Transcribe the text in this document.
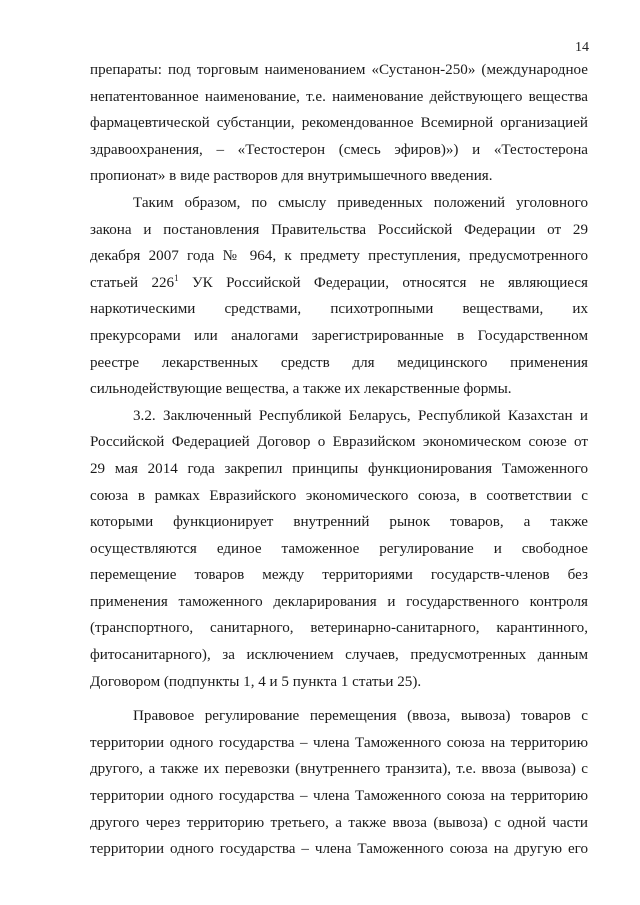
14
препараты: под торговым наименованием «Сустанон-250» (международное
непатентованное наименование, т.е. наименование действующего вещества
фармацевтической субстанции, рекомендованное Всемирной организацией
здравоохранения, – «Тестостерон (смесь эфиров)») и «Тестостерона
пропионат» в виде растворов для внутримышечного введения.
Таким образом, по смыслу приведенных положений уголовного
закона и постановления Правительства Российской Федерации от 29
декабря 2007 года № 964, к предмету преступления, предусмотренного
статьей $226^1$ УК Российской Федерации, относятся не являющиеся
наркотическими средствами, психотропными веществами, их
прекурсорами или аналогами зарегистрированные в Государственном
реестре лекарственных средств для медицинского применения
сильнодействующие вещества, а также их лекарственные формы.
3.2. Заключенный Республикой Беларусь, Республикой Казахстан и
Российской Федерацией Договор о Евразийском экономическом союзе от
29 мая 2014 года закрепил принципы функционирования Таможенного
союза в рамках Евразийского экономического союза, в соответствии с
которыми функционирует внутренний рынок товаров, а также
осуществляются единое таможенное регулирование и свободное
перемещение товаров между территориями государств-членов без
применения таможенного декларирования и государственного контроля
(транспортного, санитарного, ветеринарно-санитарного, карантинного,
фитосанитарного), за исключением случаев, предусмотренных данным
Договором (подпункты 1, 4 и 5 пункта 1 статьи 25).
Правовое регулирование перемещения (ввоза, вывоза) товаров с
территории одного государства – члена Таможенного союза на территорию
другого, а также их перевозки (внутреннего транзита), т.е. ввоза (вывоза) с
территории одного государства – члена Таможенного союза на территорию
другого через территорию третьего, а также ввоза (вывоза) с одной части
территории одного государства – члена Таможенного союза на другую его
